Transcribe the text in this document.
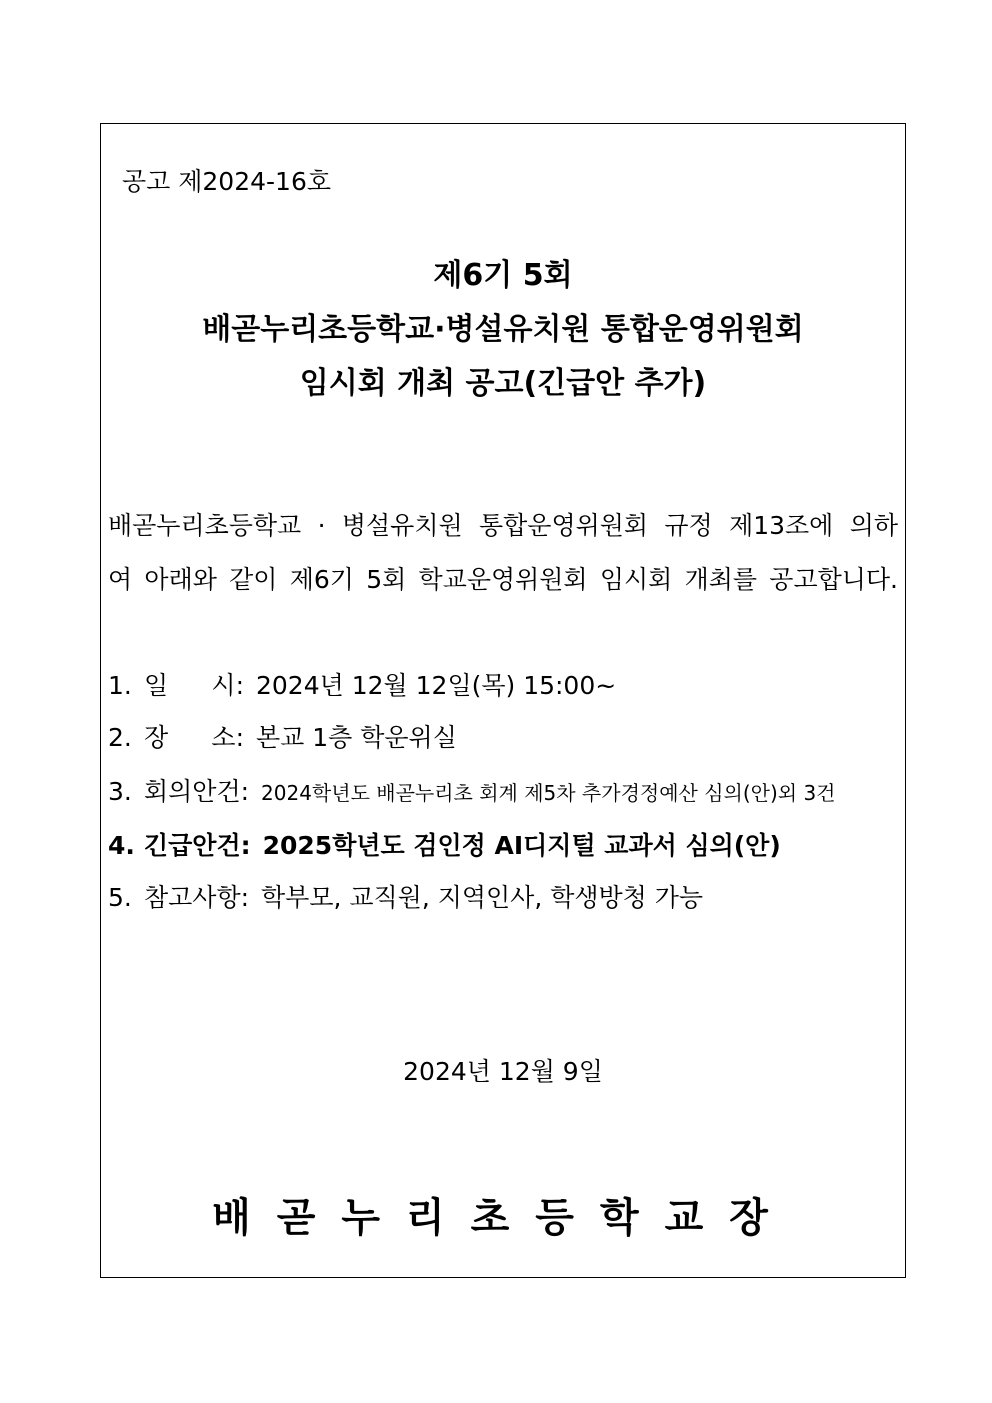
공고 제2024-16호
제6기 5회
배곧누리초등학교·병설유치원 통합운영위원회
임시회 개최 공고(긴급안 추가)
배곧누리초등학교 · 병설유치원 통합운영위원회 규정 제13조에 의하
여 아래와 같이 제6기 5회 학교운영위원회 임시회 개최를 공고합니다.
1. 일 시: 2024년 12월 12일(목) 15:00~
2. 장 소: 본교 1층 학운위실
3. 회의안건: 2024학년도 배곧누리초 회계 제5차 추가경정예산 심의(안)외 3건
4. 긴급안건: 2025학년도 검인정 AI디지털 교과서 심의(안)
5. 참고사항: 학부모, 교직원, 지역인사, 학생방청 가능
2024년 12월 9일
배곧누리초등학교장
